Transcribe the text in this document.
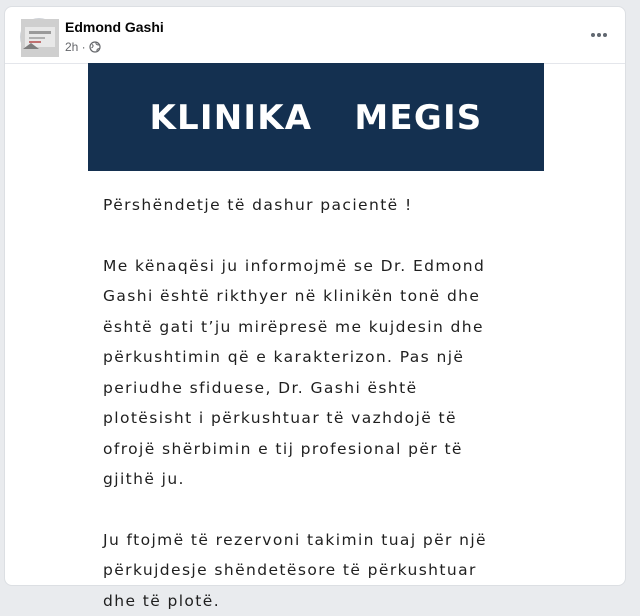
Edmond Gashi
2h ·
KLINIKA  MEGIS

Përshëndetje të dashur pacientë !

Me kënaqësi ju informojmë se Dr. Edmond

Gashi është rikthyer në klinikën tonë dhe

është gati t’ju mirëpresë me kujdesin dhe

përkushtimin që e karakterizon. Pas një

periudhe sfiduese, Dr. Gashi është

plotësisht i përkushtuar të vazhdojë të

ofrojë shërbimin e tij profesional për të

gjithë ju.

Ju ftojmë të rezervoni takimin tuaj për një

përkujdesje shëndetësore të përkushtuar

dhe të plotë.
